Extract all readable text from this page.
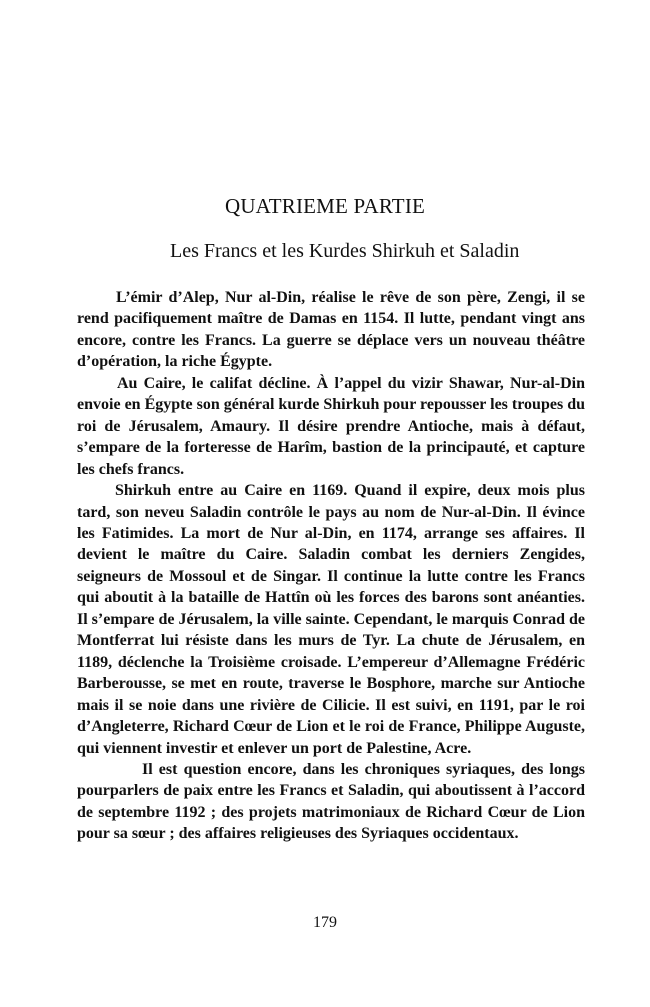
QUATRIEME PARTIE
Les Francs et les Kurdes Shirkuh et Saladin

L’émir d’Alep, Nur al-Din, réalise le rêve de son père, Zengi, il se rend pacifiquement maître de Damas en 1154. Il lutte, pendant vingt ans encore, contre les Francs. La guerre se déplace vers un nouveau théâtre d’opération, la riche Égypte.

Au Caire, le califat décline. À l’appel du vizir Shawar, Nur-al-Din envoie en Égypte son général kurde Shirkuh pour repousser les troupes du roi de Jérusalem, Amaury. Il désire prendre Antioche, mais à défaut, s’empare de la forteresse de Harîm, bastion de la principauté, et capture les chefs francs.

Shirkuh entre au Caire en 1169. Quand il expire, deux mois plus tard, son neveu Saladin contrôle le pays au nom de Nur-al-Din. Il évince les Fatimides. La mort de Nur al-Din, en 1174, arrange ses affaires. Il devient le maître du Caire. Saladin combat les derniers Zengides, seigneurs de Mossoul et de Singar. Il continue la lutte contre les Francs qui aboutit à la bataille de Hattîn où les forces des barons sont anéanties. Il s’empare de Jérusalem, la ville sainte. Cependant, le marquis Conrad de Montferrat lui résiste dans les murs de Tyr. La chute de Jérusalem, en 1189, déclenche la Troisième croisade. L’empereur d’Allemagne Frédéric Barberousse, se met en route, traverse le Bosphore, marche sur Antioche mais il se noie dans une rivière de Cilicie. Il est suivi, en 1191, par le roi d’Angleterre, Richard Cœur de Lion et le roi de France, Philippe Auguste, qui viennent investir et enlever un port de Palestine, Acre.

Il est question encore, dans les chroniques syriaques, des longs pourparlers de paix entre les Francs et Saladin, qui aboutissent à l’accord de septembre 1192 ; des projets matrimoniaux de Richard Cœur de Lion pour sa sœur ; des affaires religieuses des Syriaques occidentaux.

179
